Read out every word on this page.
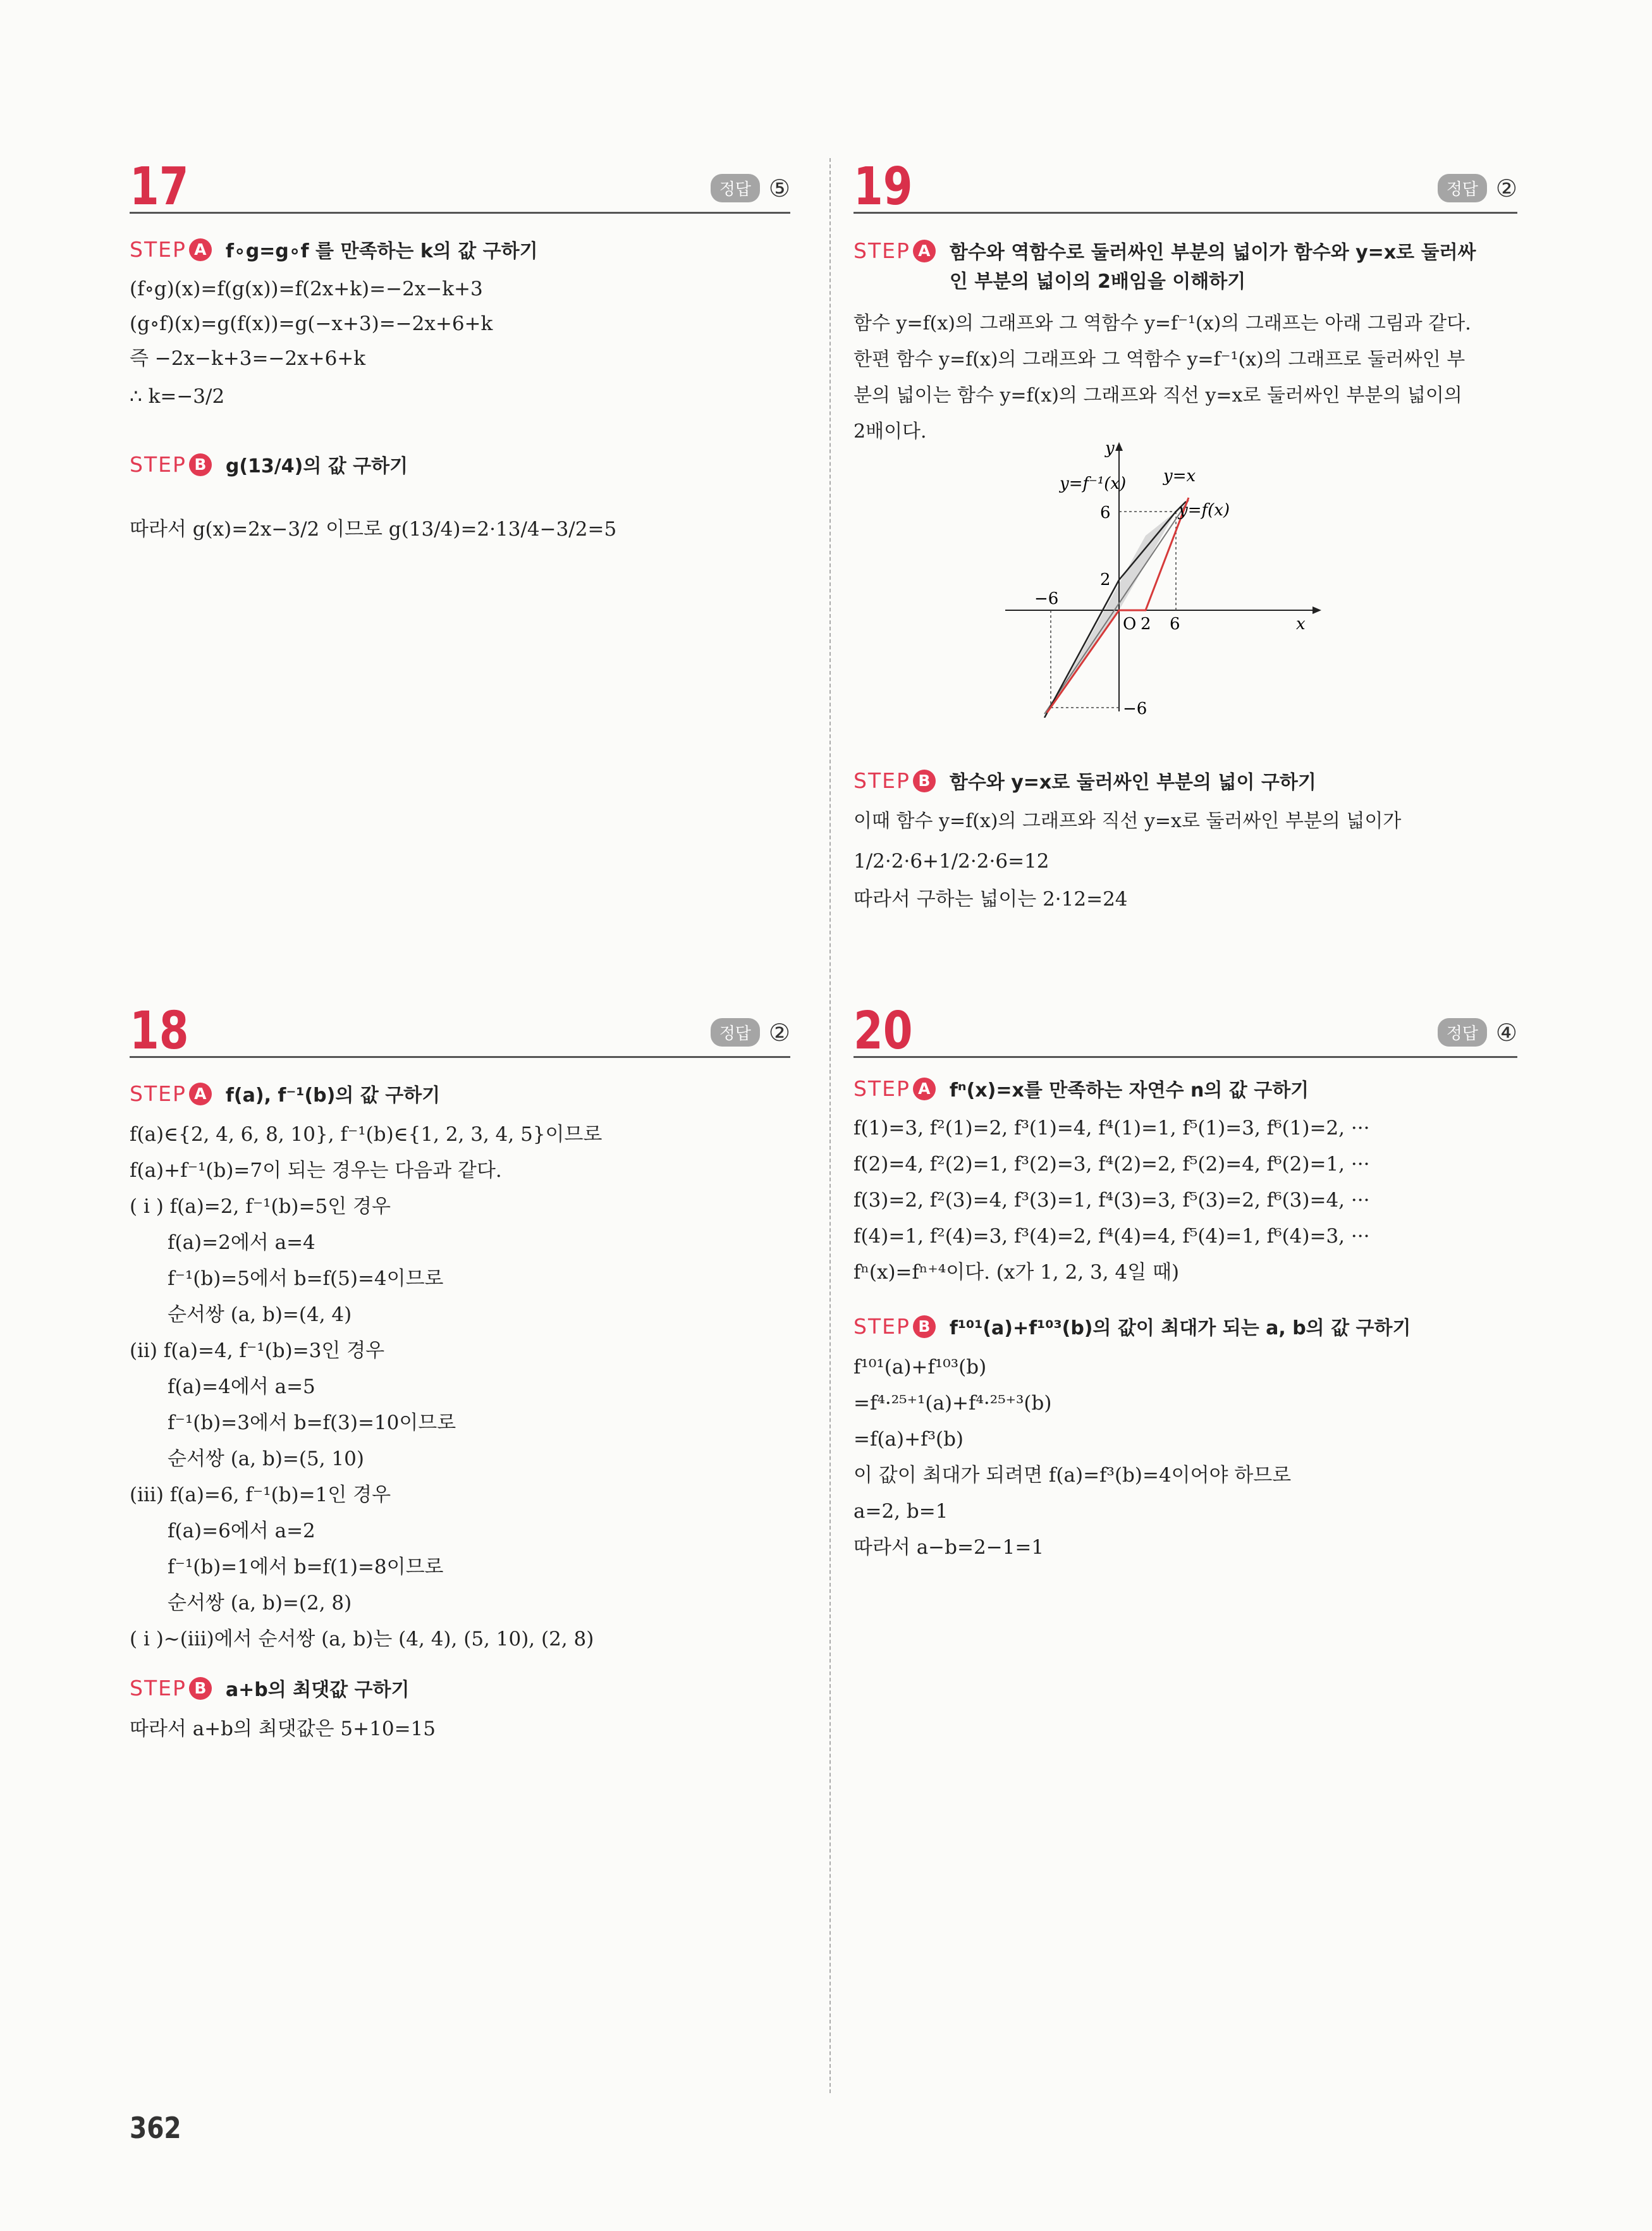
17	정답 ⑤
STEP A f∘g=g∘f 를 만족하는 k의 값 구하기
(f∘g)(x)=f(g(x))=f(2x+k)=−2x−k+3
(g∘f)(x)=g(f(x))=g(−x+3)=−2x+6+k
즉 −2x−k+3=−2x+6+k
∴ k=−3/2
STEP B g(13/4)의 값 구하기
따라서 g(x)=2x−3/2 이므로 g(13/4)=2·13/4−3/2=5
18	정답 ②
STEP A f(a), f⁻¹(b)의 값 구하기
f(a)∈{2, 4, 6, 8, 10}, f⁻¹(b)∈{1, 2, 3, 4, 5}이므로
f(a)+f⁻¹(b)=7이 되는 경우는 다음과 같다.
( i ) f(a)=2, f⁻¹(b)=5인 경우
f(a)=2에서 a=4
f⁻¹(b)=5에서 b=f(5)=4이므로
순서쌍 (a, b)=(4, 4)
(ii) f(a)=4, f⁻¹(b)=3인 경우
f(a)=4에서 a=5
f⁻¹(b)=3에서 b=f(3)=10이므로
순서쌍 (a, b)=(5, 10)
(iii) f(a)=6, f⁻¹(b)=1인 경우
f(a)=6에서 a=2
f⁻¹(b)=1에서 b=f(1)=8이므로
순서쌍 (a, b)=(2, 8)
( i )~(iii)에서 순서쌍 (a, b)는 (4, 4), (5, 10), (2, 8)
STEP B a+b의 최댓값 구하기
따라서 a+b의 최댓값은 5+10=15
19	정답 ②
STEP A 함수와 역함수로 둘러싸인 부분의 넓이가 함수와 y=x로 둘러싸
인 부분의 넓이의 2배임을 이해하기
함수 y=f(x)의 그래프와 그 역함수 y=f⁻¹(x)의 그래프는 아래 그림과 같다.
한편 함수 y=f(x)의 그래프와 그 역함수 y=f⁻¹(x)의 그래프로 둘러싸인 부
분의 넓이는 함수 y=f(x)의 그래프와 직선 y=x로 둘러싸인 부분의 넓이의
2배이다.
y
x
O
y=f⁻¹(x) y=x
y=f(x)
6
2
−6
2 6
−6
STEP B 함수와 y=x로 둘러싸인 부분의 넓이 구하기
이때 함수 y=f(x)의 그래프와 직선 y=x로 둘러싸인 부분의 넓이가
1/2·2·6+1/2·2·6=12
따라서 구하는 넓이는 2·12=24
20	정답 ④
STEP A fⁿ(x)=x를 만족하는 자연수 n의 값 구하기
f(1)=3, f²(1)=2, f³(1)=4, f⁴(1)=1, f⁵(1)=3, f⁶(1)=2, ···
f(2)=4, f²(2)=1, f³(2)=3, f⁴(2)=2, f⁵(2)=4, f⁶(2)=1, ···
f(3)=2, f²(3)=4, f³(3)=1, f⁴(3)=3, f⁵(3)=2, f⁶(3)=4, ···
f(4)=1, f²(4)=3, f³(4)=2, f⁴(4)=4, f⁵(4)=1, f⁶(4)=3, ···
fⁿ(x)=fⁿ⁺⁴이다. (x가 1, 2, 3, 4일 때)
STEP B f¹⁰¹(a)+f¹⁰³(b)의 값이 최대가 되는 a, b의 값 구하기
f¹⁰¹(a)+f¹⁰³(b)
=f⁴·²⁵⁺¹(a)+f⁴·²⁵⁺³(b)
=f(a)+f³(b)
이 값이 최대가 되려면 f(a)=f³(b)=4이어야 하므로
a=2, b=1
따라서 a−b=2−1=1
362
